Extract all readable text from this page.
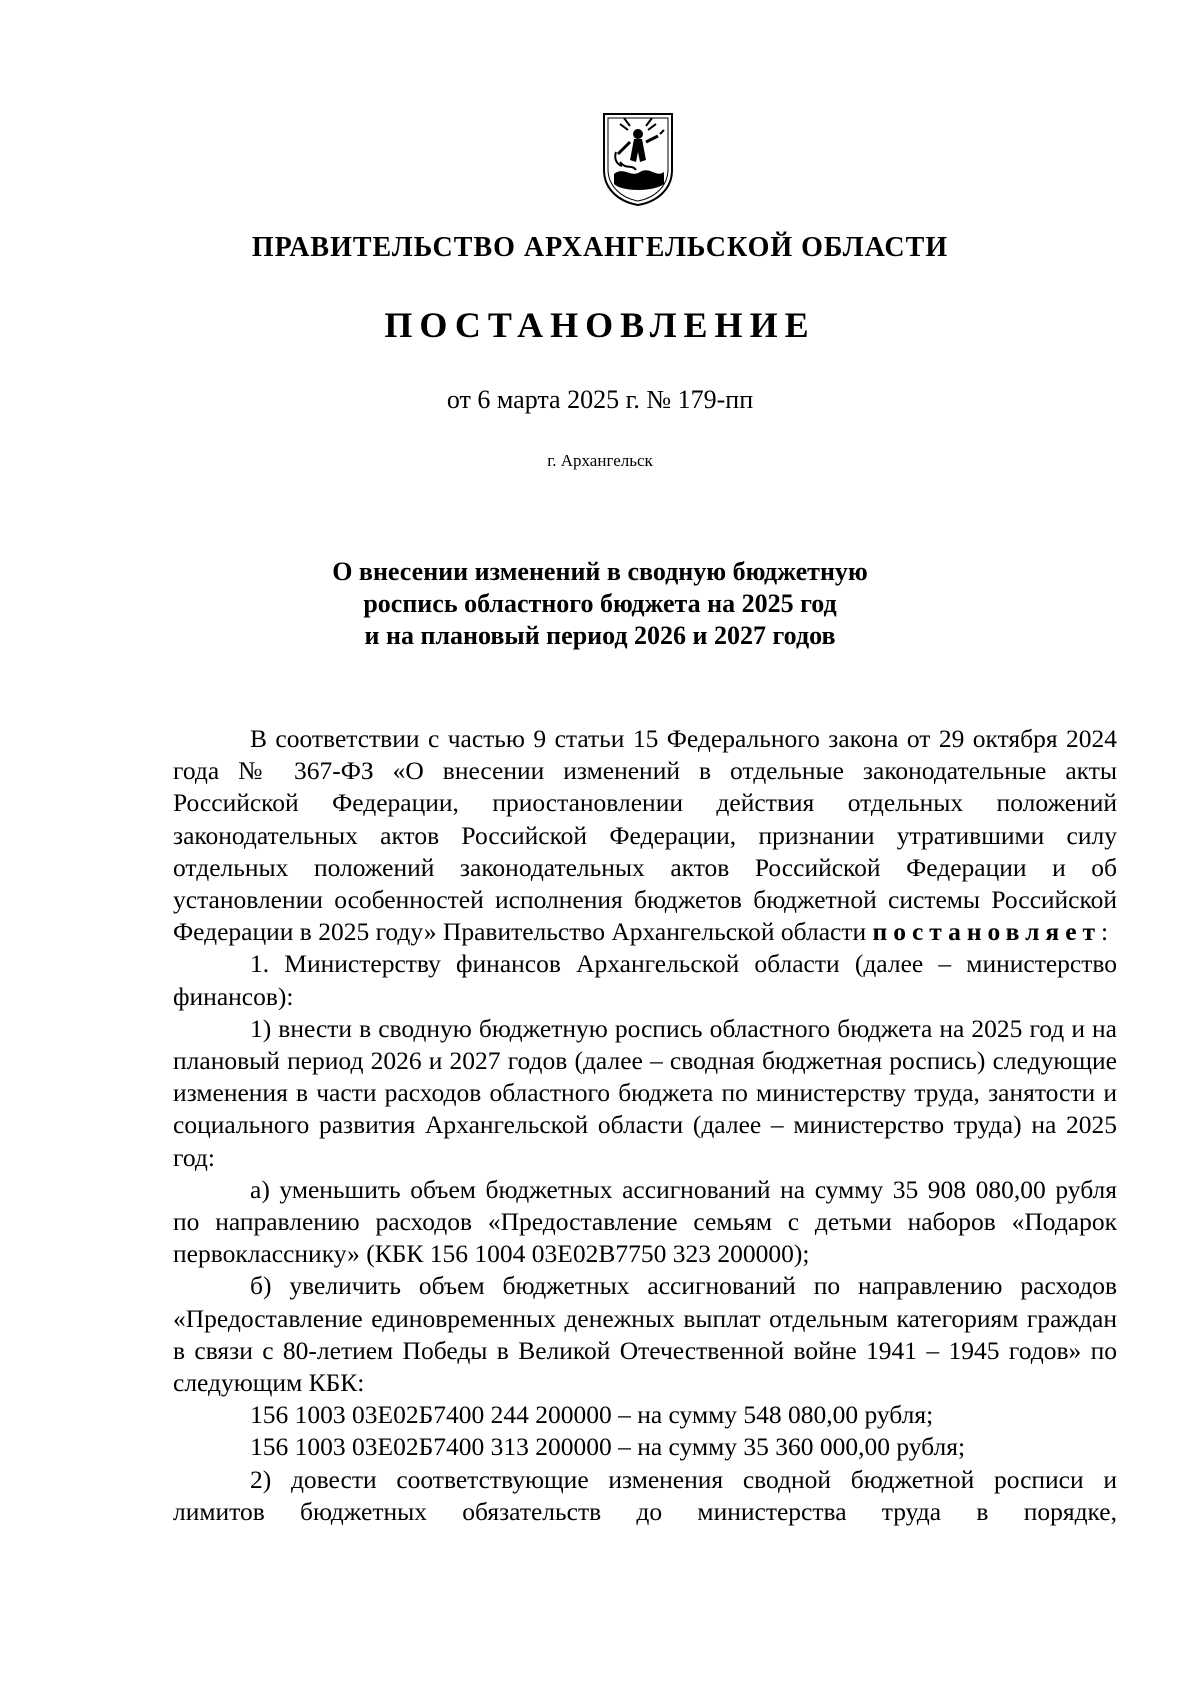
ПРАВИТЕЛЬСТВО АРХАНГЕЛЬСКОЙ ОБЛАСТИ
ПОСТАНОВЛЕНИЕ
от 6 марта 2025 г. № 179-пп
г. Архангельск
О внесении изменений в сводную бюджетную
роспись областного бюджета на 2025 год
и на плановый период 2026 и 2027 годов

В соответствии с частью 9 статьи 15 Федерального закона от 29 октября 2024 года № 367-ФЗ «О внесении изменений в отдельные законодательные акты Российской Федерации, приостановлении действия отдельных положений законодательных актов Российской Федерации, признании утратившими силу отдельных положений законодательных актов Российской Федерации и об установлении особенностей исполнения бюджетов бюджетной системы Российской Федерации в 2025 году» Правительство Архангельской области постановляет:

1. Министерству финансов Архангельской области (далее – министерство финансов):

1) внести в сводную бюджетную роспись областного бюджета на 2025 год и на плановый период 2026 и 2027 годов (далее – сводная бюджетная роспись) следующие изменения в части расходов областного бюджета по министерству труда, занятости и социального развития Архангельской области (далее – министерство труда) на 2025 год:

а) уменьшить объем бюджетных ассигнований на сумму 35 908 080,00 рубля по направлению расходов «Предоставление семьям с детьми наборов «Подарок первокласснику» (КБК 156 1004 03Е02В7750 323 200000);

б) увеличить объем бюджетных ассигнований по направлению расходов «Предоставление единовременных денежных выплат отдельным категориям граждан в связи с 80-летием Победы в Великой Отечественной войне 1941 – 1945 годов» по следующим КБК:

156 1003 03Е02Б7400 244 200000 – на сумму 548 080,00 рубля;

156 1003 03Е02Б7400 313 200000 – на сумму 35 360 000,00 рубля;

2) довести соответствующие изменения сводной бюджетной росписи и лимитов бюджетных обязательств до министерства труда в порядке,
